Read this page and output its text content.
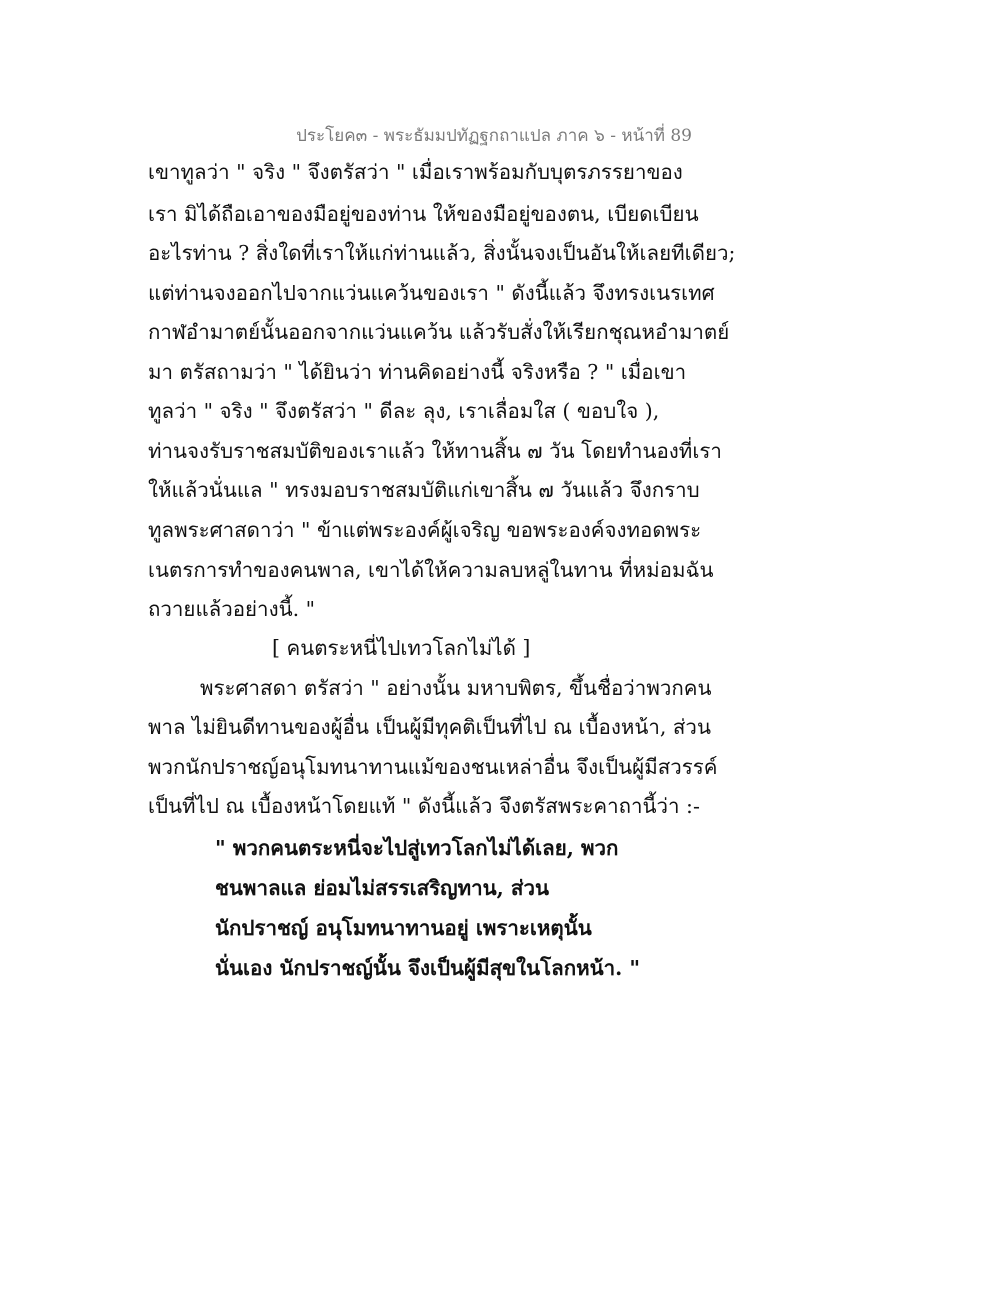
ประโยค๓ - พระธัมมปทัฏฐกถาแปล ภาค ๖ - หน้าที่ 89
เขาทูลว่า " จริง " จึงตรัสว่า " เมื่อเราพร้อมกับบุตรภรรยาของ
เรา มิได้ถือเอาของมือยู่ของท่าน ให้ของมือยู่ของตน, เบียดเบียน
อะไรท่าน ? สิ่งใดที่เราให้แก่ท่านแล้ว, สิ่งนั้นจงเป็นอันให้เลยทีเดียว;
แต่ท่านจงออกไปจากแว่นแคว้นของเรา " ดังนี้แล้ว จึงทรงเนรเทศ
กาฬอำมาตย์นั้นออกจากแว่นแคว้น แล้วรับสั่งให้เรียกชุณหอำมาตย์
มา ตรัสถามว่า " ได้ยินว่า ท่านคิดอย่างนี้ จริงหรือ ? " เมื่อเขา
ทูลว่า " จริง " จึงตรัสว่า " ดีละ ลุง, เราเลื่อมใส ( ขอบใจ ),
ท่านจงรับราชสมบัติของเราแล้ว ให้ทานสิ้น ๗ วัน โดยทำนองที่เรา
ให้แล้วนั่นแล " ทรงมอบราชสมบัติแก่เขาสิ้น ๗ วันแล้ว จึงกราบ
ทูลพระศาสดาว่า " ข้าแต่พระองค์ผู้เจริญ ขอพระองค์จงทอดพระ
เนตรการทำของคนพาล, เขาได้ให้ความลบหลู่ในทาน ที่หม่อมฉัน
ถวายแล้วอย่างนี้. "
[ คนตระหนี่ไปเทวโลกไม่ได้ ]
พระศาสดา ตรัสว่า " อย่างนั้น มหาบพิตร, ขึ้นชื่อว่าพวกคน
พาล ไม่ยินดีทานของผู้อื่น เป็นผู้มีทุคติเป็นที่ไป ณ เบื้องหน้า, ส่วน
พวกนักปราชญ์อนุโมทนาทานแม้ของชนเหล่าอื่น จึงเป็นผู้มีสวรรค์
เป็นที่ไป ณ เบื้องหน้าโดยแท้ " ดังนี้แล้ว จึงตรัสพระคาถานี้ว่า :-
" พวกคนตระหนี่จะไปสู่เทวโลกไม่ได้เลย, พวก
ชนพาลแล ย่อมไม่สรรเสริญทาน, ส่วน
นักปราชญ์ อนุโมทนาทานอยู่ เพราะเหตุนั้น
นั่นเอง นักปราชญ์นั้น จึงเป็นผู้มีสุขในโลกหน้า. "
